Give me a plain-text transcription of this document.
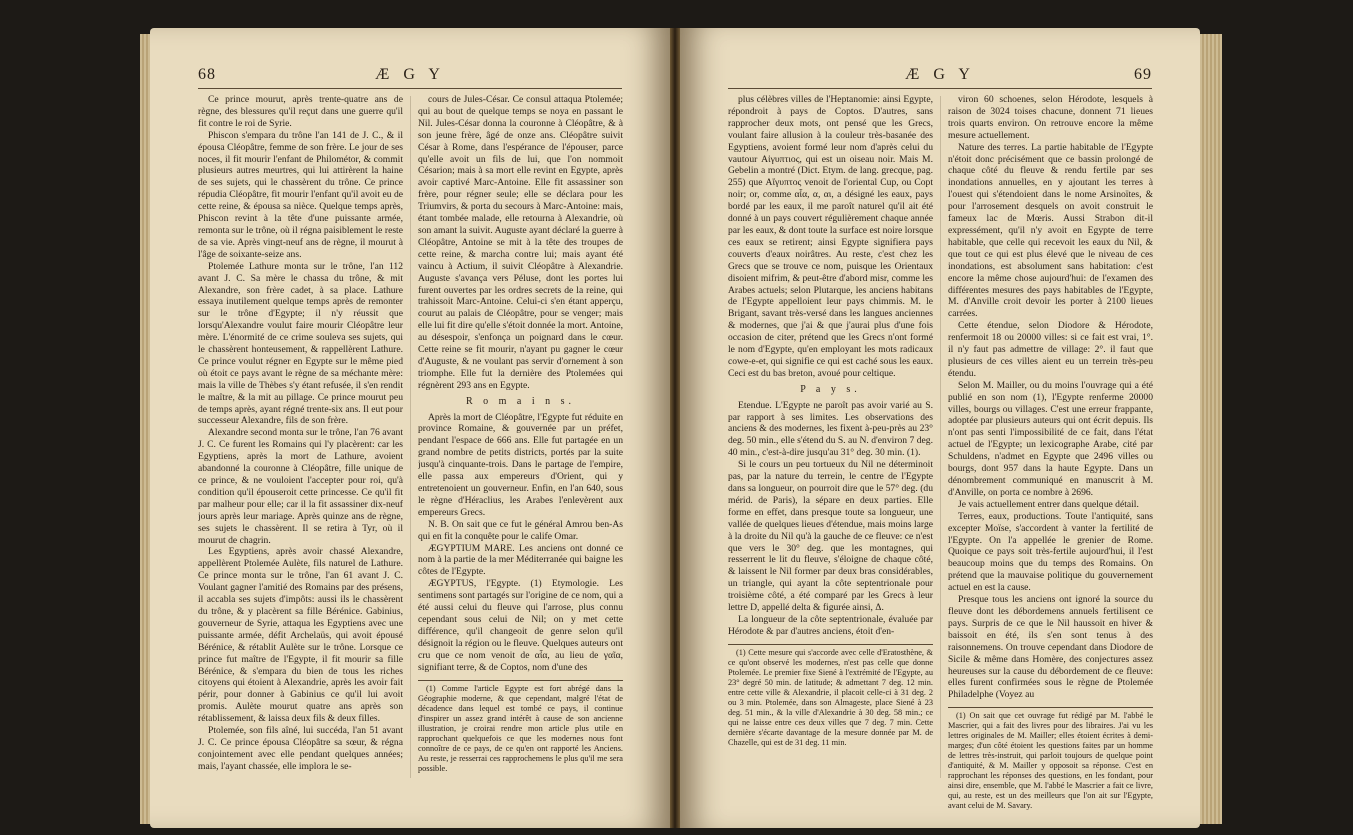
68	Æ G Y

Ce prince mourut, après trente-quatre ans de règne, des blessures qu'il reçut dans une guerre qu'il fit contre le roi de Syrie.

Phiscon s'empara du trône l'an 141 de J. C., & il épousa Cléopâtre, femme de son frère. Le jour de ses noces, il fit mourir l'enfant de Philométor, & commit plusieurs autres meurtres, qui lui attirèrent la haine de ses sujets, qui le chassèrent du trône. Ce prince répudia Cléopâtre, fit mourir l'enfant qu'il avoit eu de cette reine, & épousa sa nièce. Quelque temps après, Phiscon revint à la tête d'une puissante armée, remonta sur le trône, où il régna paisiblement le reste de sa vie. Après vingt-neuf ans de règne, il mourut à l'âge de soixante-seize ans.

Ptolemée Lathure monta sur le trône, l'an 112 avant J. C. Sa mère le chassa du trône, & mit Alexandre, son frère cadet, à sa place. Lathure essaya inutilement quelque temps après de remonter sur le trône d'Egypte; il n'y réussit que lorsqu'Alexandre voulut faire mourir Cléopâtre leur mère. L'énormité de ce crime souleva ses sujets, qui le chassèrent honteusement, & rappellèrent Lathure. Ce prince voulut régner en Egypte sur le même pied où étoit ce pays avant le règne de sa méchante mère: mais la ville de Thèbes s'y étant refusée, il s'en rendit le maître, & la mit au pillage. Ce prince mourut peu de temps après, ayant régné trente-six ans. Il eut pour successeur Alexandre, fils de son frère.

Alexandre second monta sur le trône, l'an 76 avant J. C. Ce furent les Romains qui l'y placèrent: car les Egyptiens, après la mort de Lathure, avoient abandonné la couronne à Cléopâtre, fille unique de ce prince, & ne vouloient l'accepter pour roi, qu'à condition qu'il épouseroit cette princesse. Ce qu'il fit par malheur pour elle; car il la fit assassiner dix-neuf jours après leur mariage. Après quinze ans de règne, ses sujets le chassèrent. Il se retira à Tyr, où il mourut de chagrin.

Les Egyptiens, après avoir chassé Alexandre, appellèrent Ptolemée Aulète, fils naturel de Lathure. Ce prince monta sur le trône, l'an 61 avant J. C. Voulant gagner l'amitié des Romains par des présens, il accabla ses sujets d'impôts: aussi ils le chassèrent du trône, & y placèrent sa fille Bérénice. Gabinius, gouverneur de Syrie, attaqua les Egyptiens avec une puissante armée, défit Archelaüs, qui avoit épousé Bérénice, & rétablit Aulète sur le trône. Lorsque ce prince fut maître de l'Egypte, il fit mourir sa fille Bérénice, & s'empara du bien de tous les riches citoyens qui étoient à Alexandrie, après les avoir fait périr, pour donner à Gabinius ce qu'il lui avoit promis. Aulète mourut quatre ans après son rétablissement, & laissa deux fils & deux filles.

Ptolemée, son fils aîné, lui succéda, l'an 51 avant J. C. Ce prince épousa Cléopâtre sa sœur, & régna conjointement avec elle pendant quelques années; mais, l'ayant chassée, elle implora le se-

cours de Jules-César. Ce consul attaqua Ptolemée; qui au bout de quelque temps se noya en passant le Nil. Jules-César donna la couronne à Cléopâtre, & à son jeune frère, âgé de onze ans. Cléopâtre suivit César à Rome, dans l'espérance de l'épouser, parce qu'elle avoit un fils de lui, que l'on nommoit Césarion; mais à sa mort elle revint en Egypte, après avoir captivé Marc-Antoine. Elle fit assassiner son frère, pour régner seule; elle se déclara pour les Triumvirs, & porta du secours à Marc-Antoine: mais, étant tombée malade, elle retourna à Alexandrie, où son amant la suivit. Auguste ayant déclaré la guerre à Cléopâtre, Antoine se mit à la tête des troupes de cette reine, & marcha contre lui; mais ayant été vaincu à Actium, il suivit Cléopâtre à Alexandrie. Auguste s'avança vers Péluse, dont les portes lui furent ouvertes par les ordres secrets de la reine, qui trahissoit Marc-Antoine. Celui-ci s'en étant apperçu, courut au palais de Cléopâtre, pour se venger; mais elle lui fit dire qu'elle s'étoit donnée la mort. Antoine, au désespoir, s'enfonça un poignard dans le cœur. Cette reine se fit mourir, n'ayant pu gagner le cœur d'Auguste, & ne voulant pas servir d'ornement à son triomphe. Elle fut la dernière des Ptolemées qui régnèrent 293 ans en Egypte.

R o m a i n s.

Après la mort de Cléopâtre, l'Egypte fut réduite en province Romaine, & gouvernée par un préfet, pendant l'espace de 666 ans. Elle fut partagée en un grand nombre de petits districts, portés par la suite jusqu'à cinquante-trois. Dans le partage de l'empire, elle passa aux empereurs d'Orient, qui y entretenoient un gouverneur. Enfin, en l'an 640, sous le règne d'Héraclius, les Arabes l'enlevèrent aux empereurs Grecs.

N. B. On sait que ce fut le général Amrou ben-As qui en fit la conquête pour le calife Omar.

ÆGYPTIUM MARE. Les anciens ont donné ce nom à la partie de la mer Méditerranée qui baigne les côtes de l'Egypte.

ÆGYPTUS, l'Egypte. (1) Etymologie. Les sentimens sont partagés sur l'origine de ce nom, qui a été aussi celui du fleuve qui l'arrose, plus connu cependant sous celui de Nil; on y met cette différence, qu'il changeoit de genre selon qu'il désignoit la région ou le fleuve. Quelques auteurs ont cru que ce nom venoit de αἶα, au lieu de γαῖα, signifiant terre, & de Coptos, nom d'une des

(1) Comme l'article Egypte est fort abrégé dans la Géographie moderne, & que cependant, malgré l'état de décadence dans lequel est tombé ce pays, il continue d'inspirer un assez grand intérêt à cause de son ancienne illustration, je croirai rendre mon article plus utile en rapprochant quelquefois ce que les modernes nous font connoître de ce pays, de ce qu'en ont rapporté les Anciens. Au reste, je resserrai ces rapprochemens le plus qu'il me sera possible.

Æ G Y	69

plus célèbres villes de l'Heptanomie: ainsi Egypte, répondroit à pays de Coptos. D'autres, sans rapprocher deux mots, ont pensé que les Grecs, voulant faire allusion à la couleur très-basanée des Egyptiens, avoient formé leur nom d'après celui du vautour Αἰγυπτιος, qui est un oiseau noir. Mais M. Gebelin a montré (Dict. Etym. de lang. grecque, pag. 255) que Αἴγυπτος venoit de l'oriental Cup, ou Copt noir; or, comme αἶα, α, αι, a désigné les eaux, pays bordé par les eaux, il me paroît naturel qu'il ait été donné à un pays couvert régulièrement chaque année par les eaux, & dont toute la surface est noire lorsque ces eaux se retirent; ainsi Egypte signifiera pays couverts d'eaux noirâtres. Au reste, c'est chez les Grecs que se trouve ce nom, puisque les Orientaux disoient mifrim, & peut-être d'abord misr, comme les Arabes actuels; selon Plutarque, les anciens habitans de l'Egypte appelloient leur pays chimmis. M. le Brigant, savant très-versé dans les langues anciennes & modernes, que j'ai & que j'aurai plus d'une fois occasion de citer, prétend que les Grecs n'ont formé le nom d'Egypte, qu'en employant les mots radicaux cowe-e-et, qui signifie ce qui est caché sous les eaux. Ceci est du bas breton, avoué pour celtique.

P a y s.

Etendue. L'Egypte ne paroît pas avoir varié au S. par rapport à ses limites. Les observations des anciens & des modernes, les fixent à-peu-près au 23° deg. 50 min., elle s'étend du S. au N. d'environ 7 deg. 40 min., c'est-à-dire jusqu'au 31° deg. 30 min. (1).

Si le cours un peu tortueux du Nil ne déterminoit pas, par la nature du terrein, le centre de l'Egypte dans sa longueur, on pourroit dire que le 57° deg. (du mérid. de Paris), la sépare en deux parties. Elle forme en effet, dans presque toute sa longueur, une vallée de quelques lieues d'étendue, mais moins large à la droite du Nil qu'à la gauche de ce fleuve: ce n'est que vers le 30° deg. que les montagnes, qui resserrent le lit du fleuve, s'éloigne de chaque côté, & laissent le Nil former par deux bras considérables, un triangle, qui ayant la côte septentrionale pour troisième côté, a été comparé par les Grecs à leur lettre D, appellé delta & figurée ainsi, Δ.

La longueur de la côte septentrionale, évaluée par Hérodote & par d'autres anciens, étoit d'en-

(1) Cette mesure qui s'accorde avec celle d'Eratosthène, & ce qu'ont observé les modernes, n'est pas celle que donne Ptolemée. Le premier fixe Siené à l'extrémité de l'Egypte, au 23° degré 50 min. de latitude; & admettant 7 deg. 12 min. entre cette ville & Alexandrie, il placoit celle-ci à 31 deg. 2 ou 3 min. Ptolemée, dans son Almageste, place Siené à 23 deg. 51 min., & la ville d'Alexandrie à 30 deg. 58 min.; ce qui ne laisse entre ces deux villes que 7 deg. 7 min. Cette dernière s'écarte davantage de la mesure donnée par M. de Chazelle, qui est de 31 deg. 11 min.

viron 60 schoenes, selon Hérodote, lesquels à raison de 3024 toises chacune, donnent 71 lieues trois quarts environ. On retrouve encore la même mesure actuellement.

Nature des terres. La partie habitable de l'Egypte n'étoit donc précisément que ce bassin prolongé de chaque côté du fleuve & rendu fertile par ses inondations annuelles, en y ajoutant les terres à l'ouest qui s'étendoient dans le nome Arsinoïtes, & pour l'arrosement desquels on avoit construit le fameux lac de Mœris. Aussi Strabon dit-il expressément, qu'il n'y avoit en Egypte de terre habitable, que celle qui recevoit les eaux du Nil, & que tout ce qui est plus élevé que le niveau de ces inondations, est absolument sans habitation: c'est encore la même chose aujourd'hui: de l'examen des différentes mesures des pays habitables de l'Egypte, M. d'Anville croit devoir les porter à 2100 lieues carrées.

Cette étendue, selon Diodore & Hérodote, renfermoit 18 ou 20000 villes: si ce fait est vrai, 1°. il n'y faut pas admettre de village: 2°. il faut que plusieurs de ces villes aient eu un terrein très-peu étendu.

Selon M. Mailler, ou du moins l'ouvrage qui a été publié en son nom (1), l'Egypte renferme 20000 villes, bourgs ou villages. C'est une erreur frappante, adoptée par plusieurs auteurs qui ont écrit depuis. Ils n'ont pas senti l'impossibilité de ce fait, dans l'état actuel de l'Egypte; un lexicographe Arabe, cité par Schuldens, n'admet en Egypte que 2496 villes ou bourgs, dont 957 dans la haute Egypte. Dans un dénombrement communiqué en manuscrit à M. d'Anville, on porta ce nombre à 2696.

Je vais actuellement entrer dans quelque détail.

Terres, eaux, productions. Toute l'antiquité, sans excepter Moïse, s'accordent à vanter la fertilité de l'Egypte. On l'a appellée le grenier de Rome. Quoique ce pays soit très-fertile aujourd'hui, il l'est beaucoup moins que du temps des Romains. On prétend que la mauvaise politique du gouvernement actuel en est la cause.

Presque tous les anciens ont ignoré la source du fleuve dont les débordemens annuels fertilisent ce pays. Surpris de ce que le Nil haussoit en hiver & baissoit en été, ils s'en sont tenus à des raisonnemens. On trouve cependant dans Diodore de Sicile & même dans Homère, des conjectures assez heureuses sur la cause du débordement de ce fleuve: elles furent confirmées sous le règne de Ptolemée Philadelphe (Voyez au

(1) On sait que cet ouvrage fut rédigé par M. l'abbé le Mascrier, qui a fait des livres pour des libraires. J'ai vu les lettres originales de M. Mailler; elles étoient écrites à demi-marges; d'un côté étoient les questions faites par un homme de lettres très-instruit, qui parloit toujours de quelque point d'antiquité, & M. Mailler y opposoit sa réponse. C'est en rapprochant les réponses des questions, en les fondant, pour ainsi dire, ensemble, que M. l'abbé le Mascrier a fait ce livre, qui, au reste, est un des meilleurs que l'on ait sur l'Egypte, avant celui de M. Savary.
